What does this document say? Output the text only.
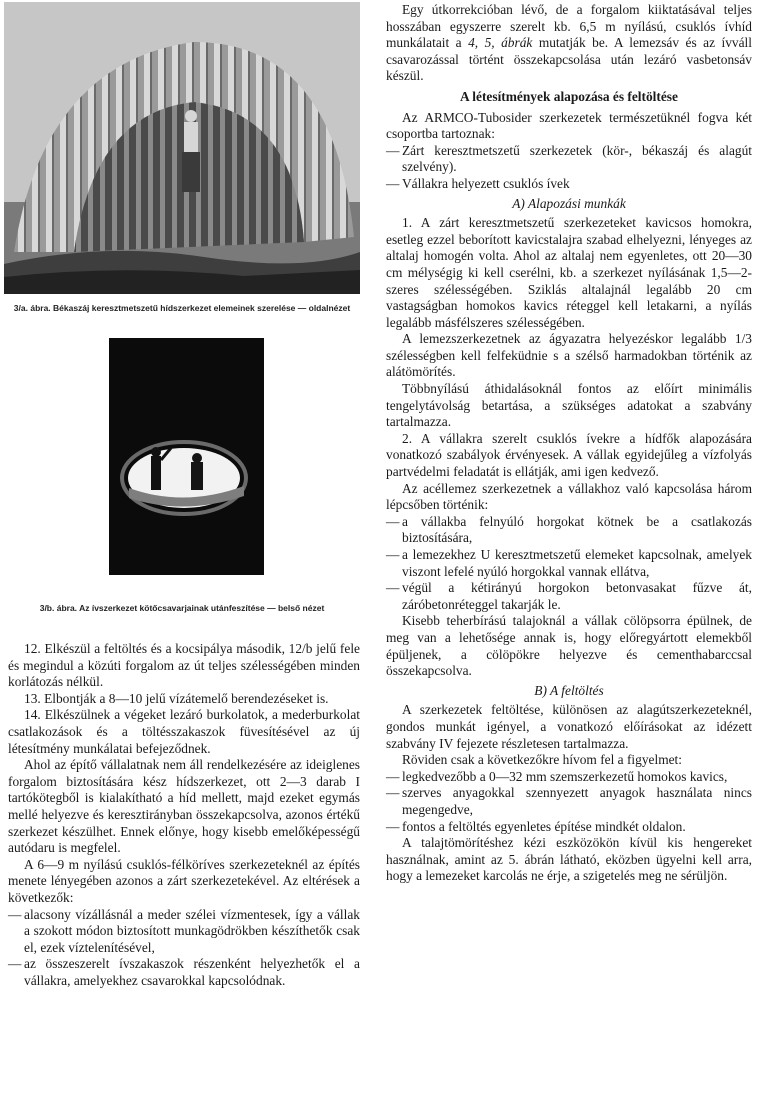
3/a. ábra. Békaszáj keresztmetszetű hídszerkezet elemeinek szerelése — oldalnézet
3/b. ábra. Az ívszerkezet kötőcsavarjainak utánfeszítése — belső nézet

12. Elkészül a feltöltés és a kocsipálya második, 12/b jelű fele és megindul a közúti forgalom az út teljes szélességében minden korlátozás nélkül.

13. Elbontják a 8—10 jelű vízátemelő berendezéseket is.

14. Elkészülnek a végeket lezáró burkolatok, a mederburkolat csatlakozások és a töltésszakaszok füvesítésével az új létesítmény munkálatai befejeződnek.

Ahol az építő vállalatnak nem áll rendelkezésére az ideiglenes forgalom biztosítására kész hídszerkezet, ott 2—3 darab I tartókötegből is kialakítható a híd mellett, majd ezeket egymás mellé helyezve és keresztirányban összekapcsolva, azonos értékű szerkezet készülhet. Ennek előnye, hogy kisebb emelőképességű autódaru is megfelel.

A 6—9 m nyílású csuklós-félköríves szerkezeteknél az építés menete lényegében azonos a zárt szerkezetekével. Az eltérések a következők:

— alacsony vízállásnál a meder szélei vízmentesek, így a vállak a szokott módon biztosított munkagödrökben készíthetők csak el, ezek víztelenítésével,

— az összeszerelt ívszakaszok részenként helyezhetők el a vállakra, amelyekhez csavarokkal kapcsolódnak.

Egy útkorrekcióban lévő, de a forgalom kiiktatásával teljes hosszában egyszerre szerelt kb. 6,5 m nyílású, csuklós ívhíd munkálatait a 4, 5, ábrák mutatják be. A lemezsáv és az ívváll csavarozással történt összekapcsolása után lezáró vasbetonsáv készül.

A létesítmények alapozása és feltöltése

Az ARMCO-Tubosider szerkezetek természetüknél fogva két csoportba tartoznak:

— Zárt keresztmetszetű szerkezetek (kör-, békaszáj és alagút szelvény).

— Vállakra helyezett csuklós ívek

A) Alapozási munkák

1. A zárt keresztmetszetű szerkezeteket kavicsos homokra, esetleg ezzel beborított kavicstalajra szabad elhelyezni, lényeges az altalaj homogén volta. Ahol az altalaj nem egyenletes, ott 20—30 cm mélységig ki kell cserélni, kb. a szerkezet nyílásának 1,5—2-szeres szélességében. Sziklás altalajnál legalább 20 cm vastagságban homokos kavics réteggel kell letakarni, a nyílás legalább másfélszeres szélességében.

A lemezszerkezetnek az ágyazatra helyezéskor legalább 1/3 szélességben kell felfeküdnie s a szélső harmadokban történik az alátömörítés.

Többnyílású áthidalásoknál fontos az előírt minimális tengelytávolság betartása, a szükséges adatokat a szabvány tartalmazza.

2. A vállakra szerelt csuklós ívekre a hídfők alapozására vonatkozó szabályok érvényesek. A vállak egyidejűleg a vízfolyás partvédelmi feladatát is ellátják, ami igen kedvező.

Az acéllemez szerkezetnek a vállakhoz való kapcsolása három lépcsőben történik:

— a vállakba felnyúló horgokat kötnek be a csatlakozás biztosítására,

— a lemezekhez U keresztmetszetű elemeket kapcsolnak, amelyek viszont lefelé nyúló horgokkal vannak ellátva,

— végül a kétirányú horgokon betonvasakat fűzve át, záróbetonréteggel takarják le.

Kisebb teherbírású talajoknál a vállak cölöpsorra épülnek, de meg van a lehetősége annak is, hogy előregyártott elemekből épüljenek, a cölöpökre helyezve és cementhabarccsal összekapcsolva.

B) A feltöltés

A szerkezetek feltöltése, különösen az alagútszerkezeteknél, gondos munkát igényel, a vonatkozó előírásokat az idézett szabvány IV fejezete részletesen tartalmazza.

Röviden csak a következőkre hívom fel a figyelmet:

— legkedvezőbb a 0—32 mm szemszerkezetű homokos kavics,

— szerves anyagokkal szennyezett anyagok használata nincs megengedve,

— fontos a feltöltés egyenletes építése mindkét oldalon.

A talajtömörítéshez kézi eszközökön kívül kis hengereket használnak, amint az 5. ábrán látható, eközben ügyelni kell arra, hogy a lemezeket karcolás ne érje, a szigetelés meg ne sérüljön.
